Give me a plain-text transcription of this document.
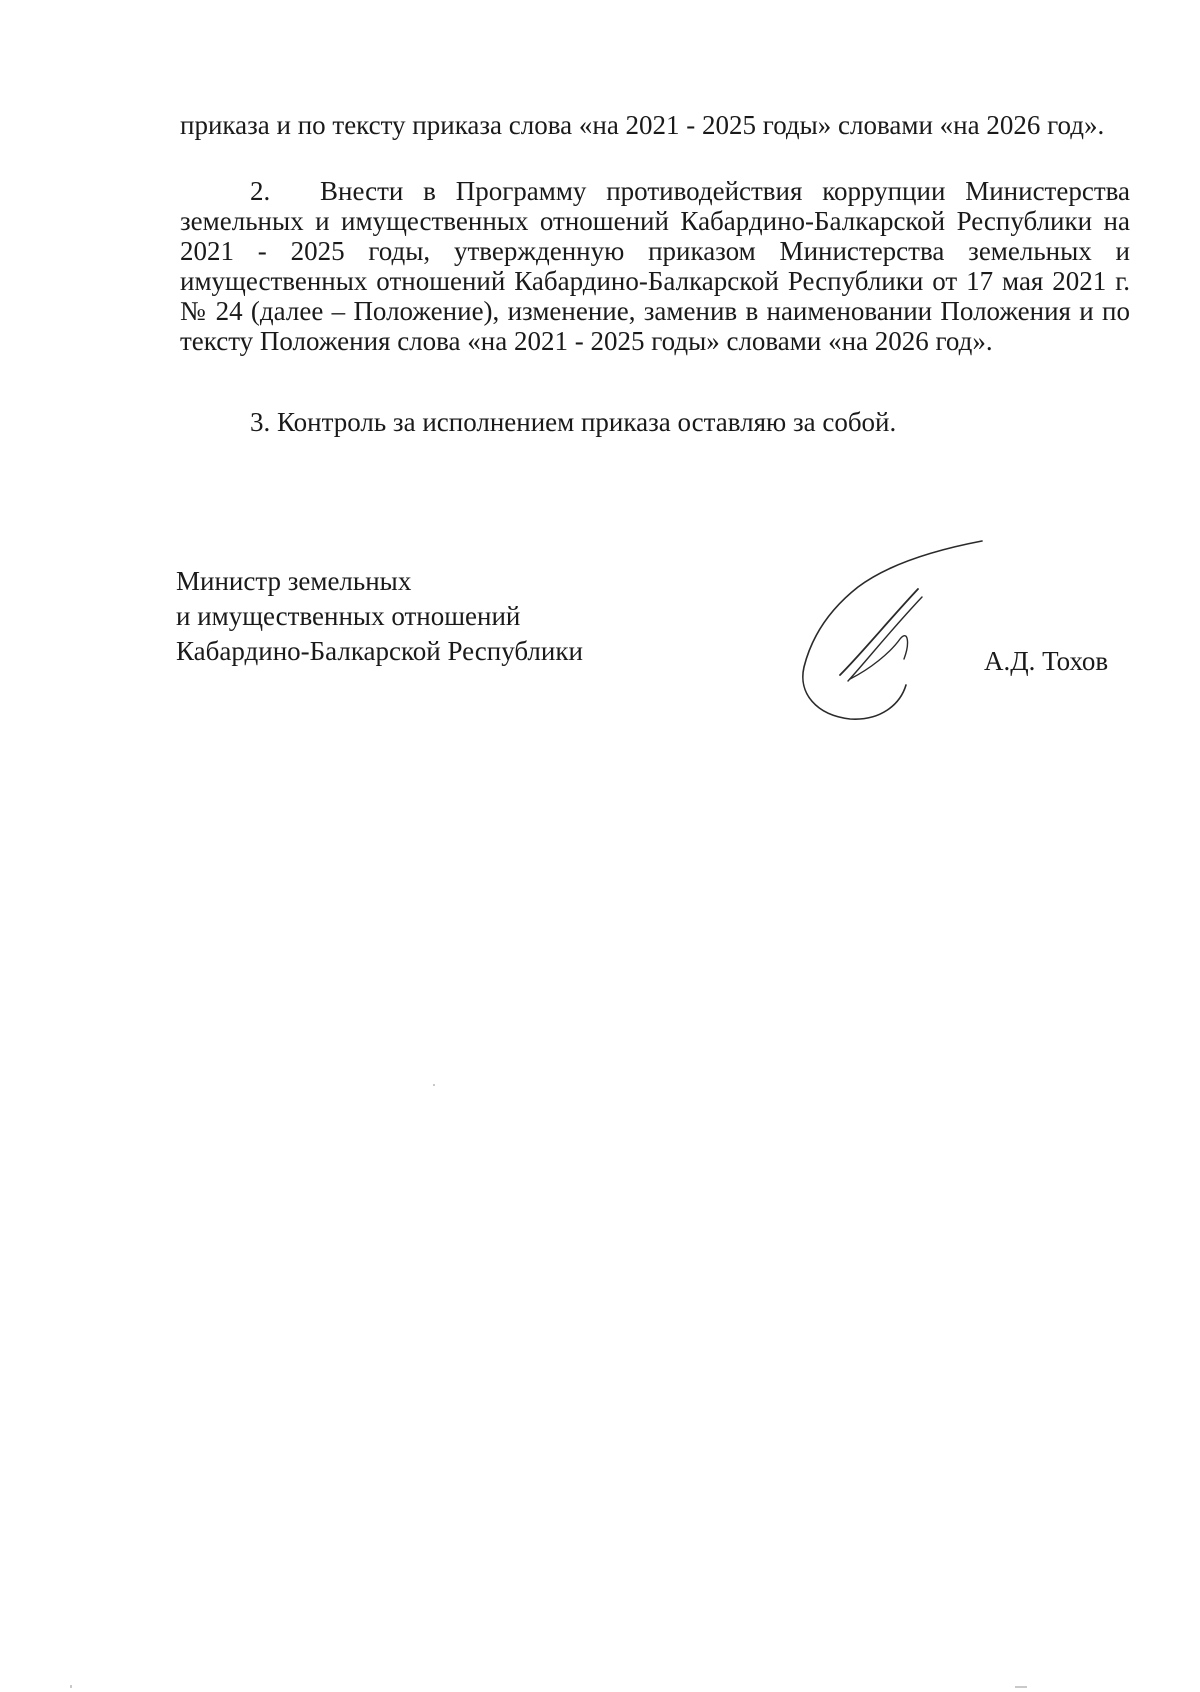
приказа и по тексту приказа слова «на 2021 - 2025 годы» словами «на 2026 год».

2. Внести в Программу противодействия коррупции Министерства земельных и имущественных отношений Кабардино-Балкарской Республики на 2021 - 2025 годы, утвержденную приказом Министерства земельных и имущественных отношений Кабардино-Балкарской Республики от 17 мая 2021 г. № 24 (далее – Положение), изменение, заменив в наименовании Положения и по тексту Положения слова «на 2021 - 2025 годы» словами «на 2026 год».

3. Контроль за исполнением приказа оставляю за собой.

Министр земельных
и имущественных отношений
Кабардино-Балкарской Республики	А.Д. Тохов
